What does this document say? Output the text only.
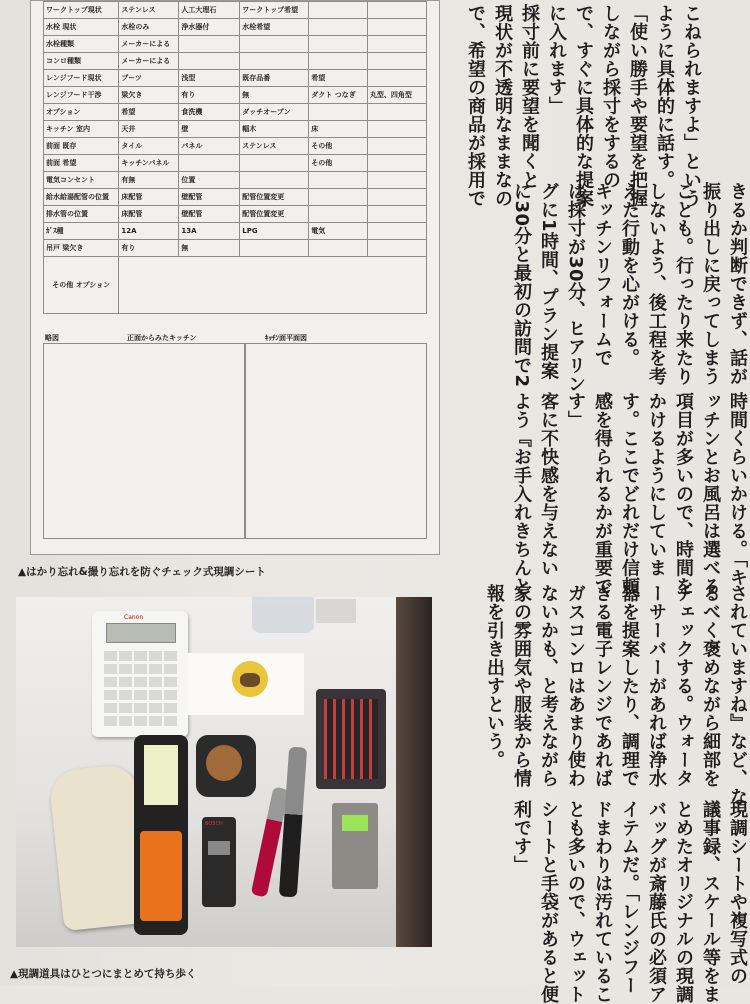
ワークトップ現状	ステンレス	人工大理石	ワークトップ希望		
水栓 現状	水栓のみ	浄水器付	水栓希望		
水栓種類	メーカーによる				
コンロ種類	メーカーによる				
レンジフード現状	ブーツ	浅型	既存品番	希望	
レンジフード干渉	梁欠き	有り	無	ダクト つなぎ	丸型、四角型
オプション	希望	食洗機	ダッチオーブン		
キッチン 室内	天井	壁	幅木	床	
前面 既存	タイル	パネル	ステンレス	その他	
前面 希望	キッチンパネル			その他	
電気コンセント	有無	位置			
給水給湯配管の位置	床配管	壁配管	配管位置変更		
排水管の位置	床配管	壁配管	配管位置変更		
ｶﾞｽ種	12A	13A	LPG	電気	
吊戸 梁欠き	有り	無			
その他 オプション					
略図	正面からみたキッチン	ｷｯﾁﾝ面平面図
▲はかり忘れ&撮り忘れを防ぐチェック式現調シート
Canon
BOSCH
▲現調道具はひとつにまとめて持ち歩く
こねられますよ」という
ように具体的に話す。
「使い勝手や要望を把握
しながら採寸をするの
で、すぐに具体的な提案
に入れます」
採寸前に要望を聞くと
現状が不透明なままなの
で、希望の商品が採用で
きるか判断できず、話が
振り出しに戻ってしまう
ことも。行ったり来たり
しないよう、後工程を考
えた行動を心がける。
キッチンリフォームで
は採寸が30分、ヒアリン
グに1時間、プラン提案
に30分と最初の訪問で2
時間くらいかける。「キ
ッチンとお風呂は選べる
項目が多いので、時間を
かけるようにしていま
す。ここでどれだけ信頼
感を得られるかが重要で
す」
客に不快感を与えない
よう『お手入れきちんと
されていますね』など、な
るべく褒めながら細部を
チェックする。ウォータ
ーサーバーがあれば浄水
器を提案したり、調理で
きる電子レンジであれば
ガスコンロはあまり使わ
ないかも、と考えながら
家の雰囲気や服装から情
報を引き出すという。
現調シートや複写式の
議事録、スケール等をま
とめたオリジナルの現調
バッグが斎藤氏の必須ア
イテムだ。「レンジフー
ドまわりは汚れているこ
とも多いので、ウェット
シートと手袋があると便
利です」
